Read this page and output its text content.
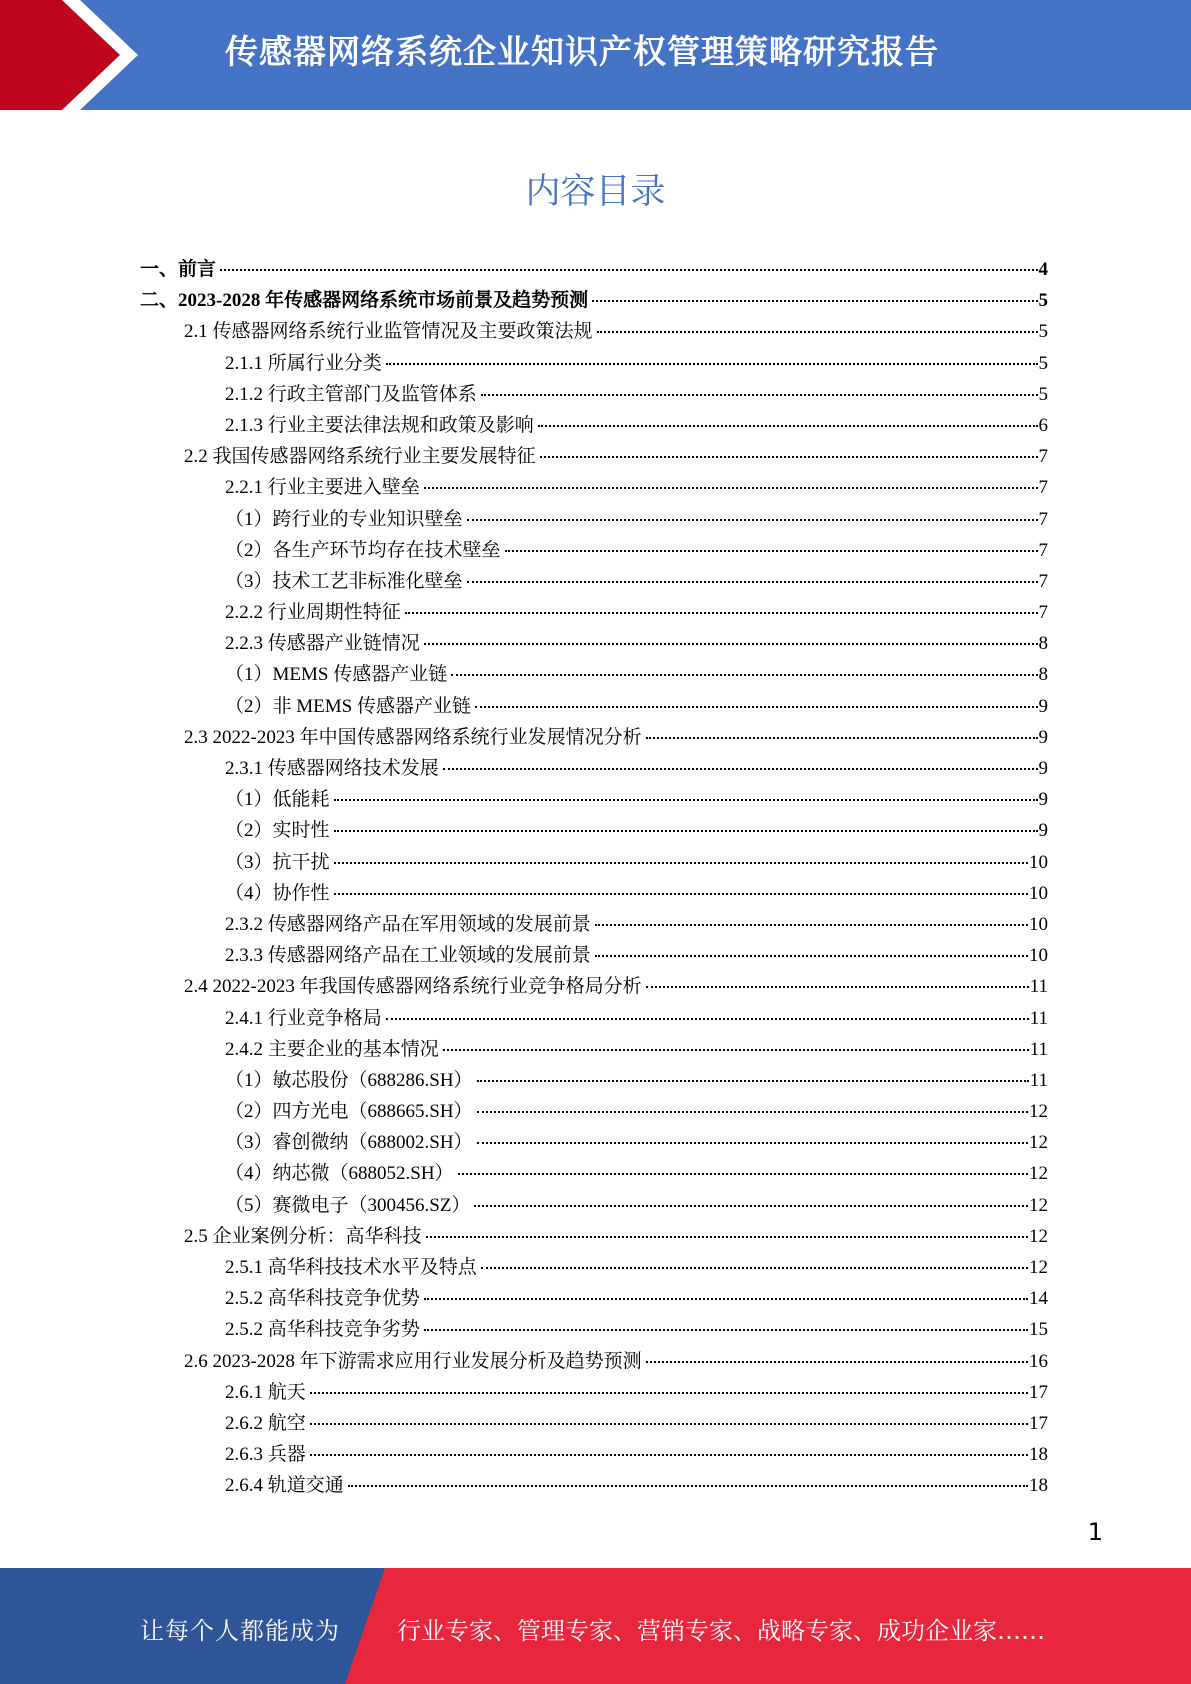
传感器网络系统企业知识产权管理策略研究报告
内容目录
一、前言	4
二、2023-2028 年传感器网络系统市场前景及趋势预测	5
2.1 传感器网络系统行业监管情况及主要政策法规	5
2.1.1 所属行业分类	5
2.1.2 行政主管部门及监管体系	5
2.1.3 行业主要法律法规和政策及影响	6
2.2 我国传感器网络系统行业主要发展特征	7
2.2.1 行业主要进入壁垒	7
（1）跨行业的专业知识壁垒	7
（2）各生产环节均存在技术壁垒	7
（3）技术工艺非标准化壁垒	7
2.2.2 行业周期性特征	7
2.2.3 传感器产业链情况	8
（1）MEMS 传感器产业链	8
（2）非 MEMS 传感器产业链	9
2.3 2022-2023 年中国传感器网络系统行业发展情况分析	9
2.3.1 传感器网络技术发展	9
（1）低能耗	9
（2）实时性	9
（3）抗干扰	10
（4）协作性	10
2.3.2 传感器网络产品在军用领域的发展前景	10
2.3.3 传感器网络产品在工业领域的发展前景	10
2.4 2022-2023 年我国传感器网络系统行业竞争格局分析	11
2.4.1 行业竞争格局	11
2.4.2 主要企业的基本情况	11
（1）敏芯股份（688286.SH）	11
（2）四方光电（688665.SH）	12
（3）睿创微纳（688002.SH）	12
（4）纳芯微（688052.SH）	12
（5）赛微电子（300456.SZ）	12
2.5 企业案例分析：高华科技	12
2.5.1 高华科技技术水平及特点	12
2.5.2 高华科技竞争优势	14
2.5.2 高华科技竞争劣势	15
2.6 2023-2028 年下游需求应用行业发展分析及趋势预测	16
2.6.1 航天	17
2.6.2 航空	17
2.6.3 兵器	18
2.6.4 轨道交通	18
1
让每个人都能成为 行业专家、管理专家、营销专家、战略专家、成功企业家……
